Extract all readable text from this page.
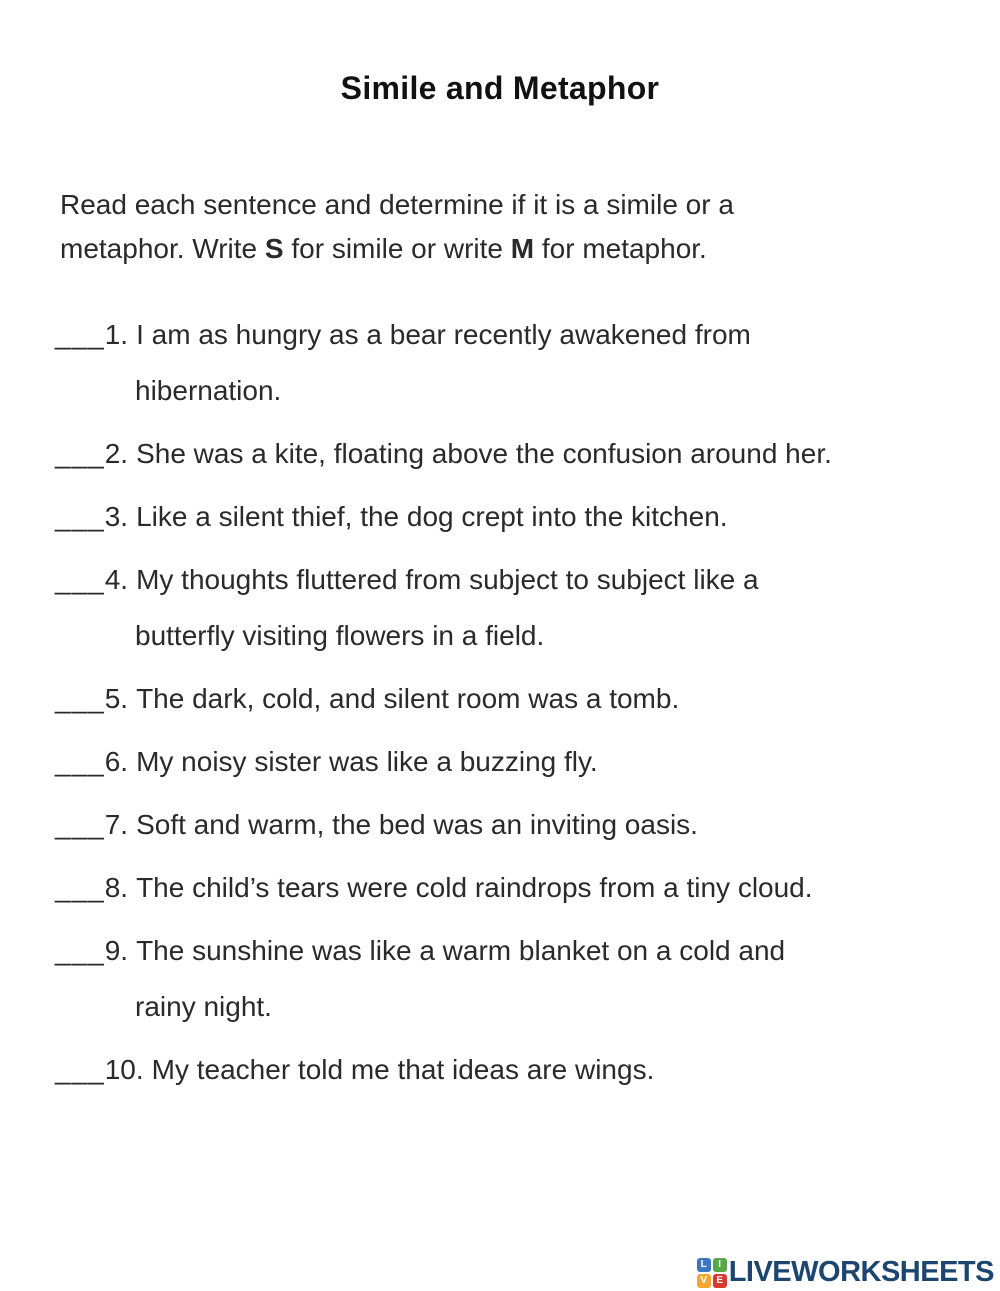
Simile and Metaphor
Read each sentence and determine if it is a simile or a
metaphor. Write S for simile or write M for metaphor.
___1. I am as hungry as a bear recently awakened from
hibernation.
___2. She was a kite, floating above the confusion around her.
___3. Like a silent thief, the dog crept into the kitchen.
___4. My thoughts fluttered from subject to subject like a
butterfly visiting flowers in a field.
___5. The dark, cold, and silent room was a tomb.
___6. My noisy sister was like a buzzing fly.
___7. Soft and warm, the bed was an inviting oasis.
___8. The child’s tears were cold raindrops from a tiny cloud.
___9. The sunshine was like a warm blanket on a cold and
rainy night.
___10. My teacher told me that ideas are wings.
L	I
V E LIVEWORKSHEETS
